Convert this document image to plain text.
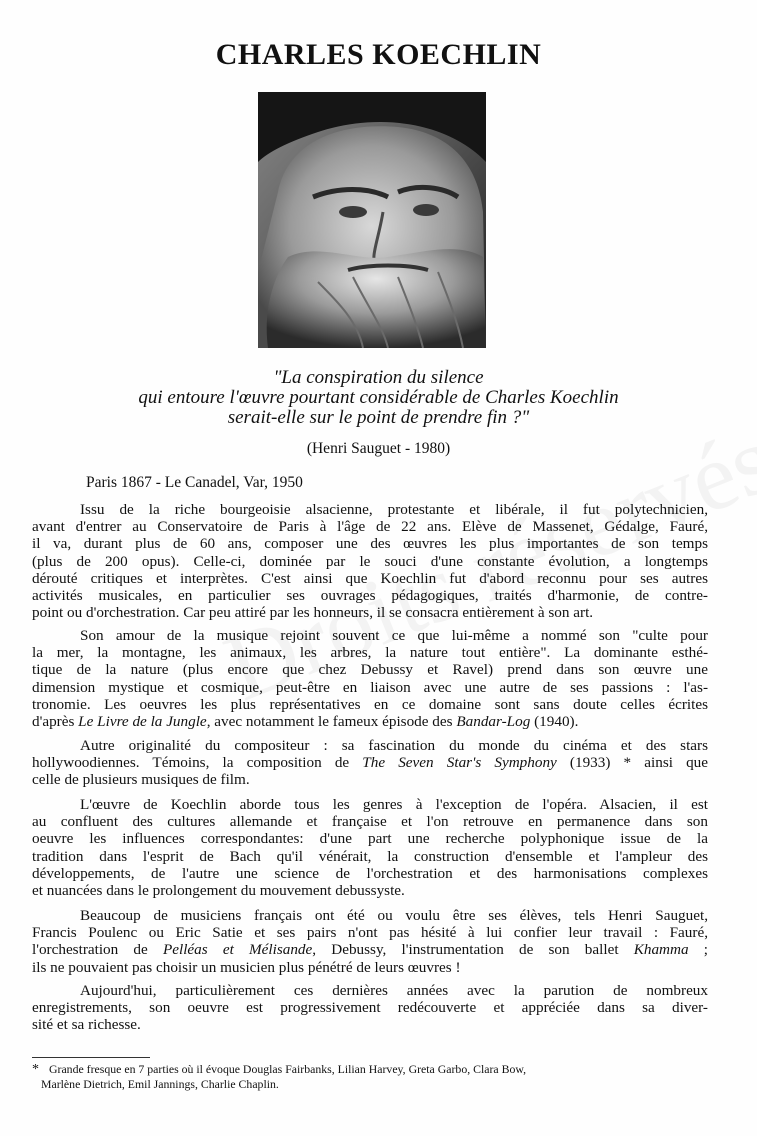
CHARLES KOECHLIN
"La conspiration du silence
qui entoure l'œuvre pourtant considérable de Charles Koechlin
serait-elle sur le point de prendre fin ?"
(Henri Sauguet - 1980)
Paris 1867 - Le Canadel, Var, 1950
Issu de la riche bourgeoisie alsacienne, protestante et libérale, il fut polytechnicien,
avant d'entrer au Conservatoire de Paris à l'âge de 22 ans. Elève de Massenet, Gédalge, Fauré,
il va, durant plus de 60 ans, composer une des œuvres les plus importantes de son temps
(plus de 200 opus). Celle-ci, dominée par le souci d'une constante évolution, a longtemps
dérouté critiques et interprètes. C'est ainsi que Koechlin fut d'abord reconnu pour ses autres
activités musicales, en particulier ses ouvrages pédagogiques, traités d'harmonie, de contre-
point ou d'orchestration. Car peu attiré par les honneurs, il se consacra entièrement à son art.
Son amour de la musique rejoint souvent ce que lui-même a nommé son "culte pour
la mer, la montagne, les animaux, les arbres, la nature tout entière". La dominante esthé-
tique de la nature (plus encore que chez Debussy et Ravel) prend dans son œuvre une
dimension mystique et cosmique, peut-être en liaison avec une autre de ses passions : l'as-
tronomie. Les oeuvres les plus représentatives en ce domaine sont sans doute celles écrites
d'après Le Livre de la Jungle, avec notamment le fameux épisode des Bandar-Log (1940).
Autre originalité du compositeur : sa fascination du monde du cinéma et des stars
hollywoodiennes. Témoins, la composition de The Seven Star's Symphony (1933) * ainsi que
celle de plusieurs musiques de film.
L'œuvre de Koechlin aborde tous les genres à l'exception de l'opéra. Alsacien, il est
au confluent des cultures allemande et française et l'on retrouve en permanence dans son
oeuvre les influences correspondantes: d'une part une recherche polyphonique issue de la
tradition dans l'esprit de Bach qu'il vénérait, la construction d'ensemble et l'ampleur des
développements, de l'autre une science de l'orchestration et des harmonisations complexes
et nuancées dans le prolongement du mouvement debussyste.
Beaucoup de musiciens français ont été ou voulu être ses élèves, tels Henri Sauguet,
Francis Poulenc ou Eric Satie et ses pairs n'ont pas hésité à lui confier leur travail : Fauré,
l'orchestration de Pelléas et Mélisande, Debussy, l'instrumentation de son ballet Khamma ;
ils ne pouvaient pas choisir un musicien plus pénétré de leurs œuvres !
Aujourd'hui, particulièrement ces dernières années avec la parution de nombreux
enregistrements, son oeuvre est progressivement redécouverte et appréciée dans sa diver-
sité et sa richesse.
* Grande fresque en 7 parties où il évoque Douglas Fairbanks, Lilian Harvey, Greta Garbo, Clara Bow,
Marlène Dietrich, Emil Jannings, Charlie Chaplin.
